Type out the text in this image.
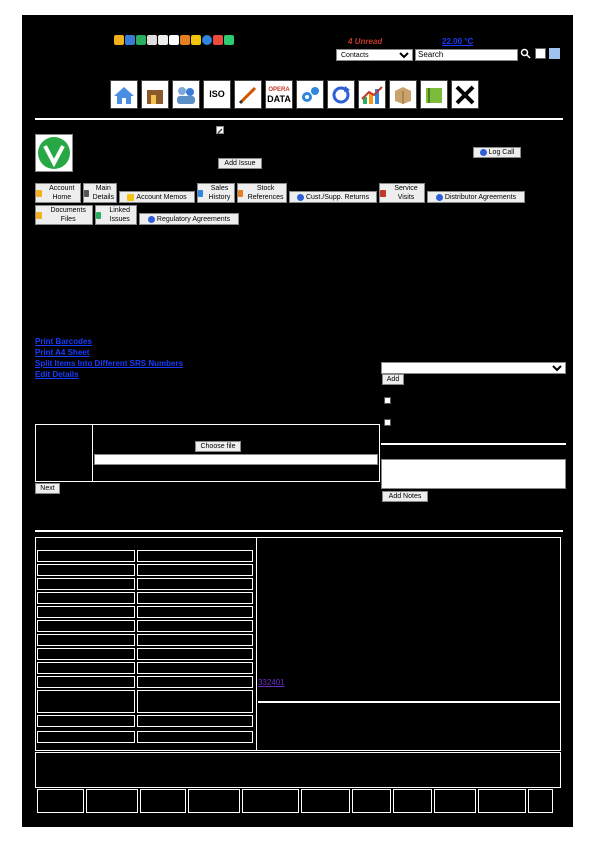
4 Unread	22.00 °C
Contacts
Search
ISO	OPERA
DATA
Add Issue
Log Call
Account Home
Main Details	Account Memos
Sales History
Stock References	Cust./Supp. Returns
Service Visits	Distributor Agreements
Documents Files
Linked Issues	Regulatory Agreements
Print Barcodes
Print A4 Sheet
Split Items Into Different SRS Numbers
Edit Details
Add
Add Notes
Choose file
Next
332401
